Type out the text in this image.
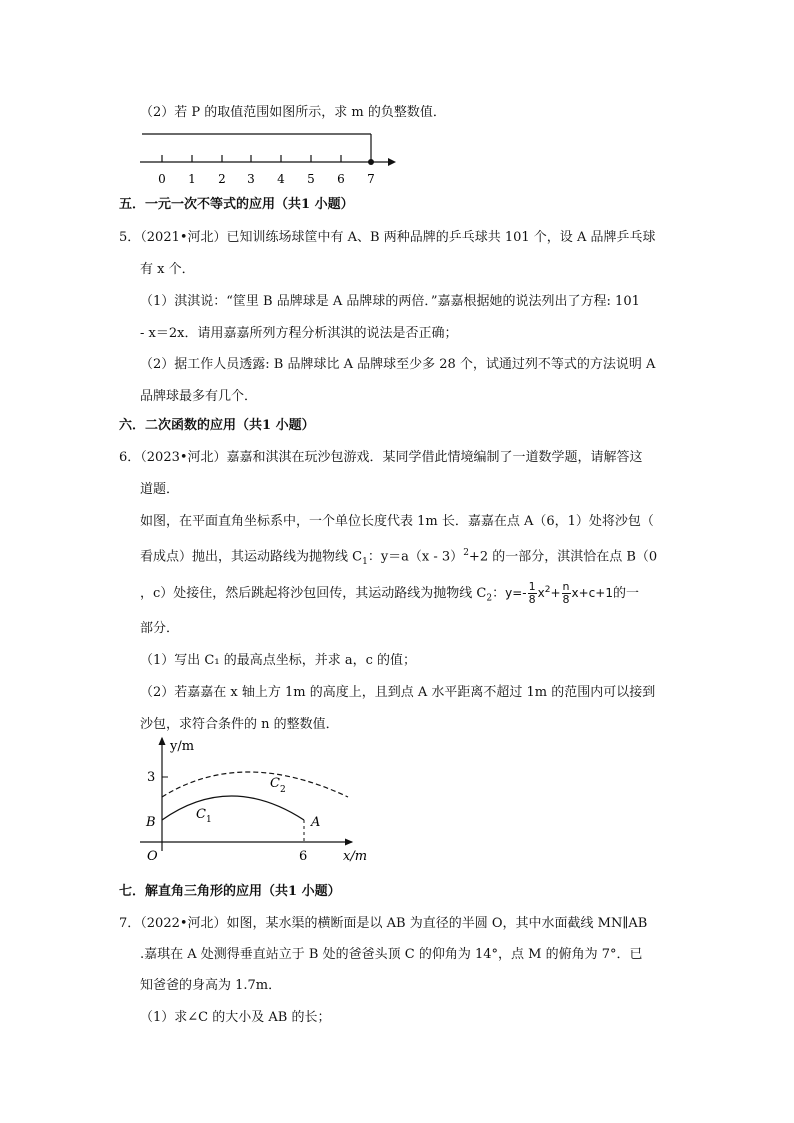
（2）若 P 的取值范围如图所示，求 m 的负整数值．
0 1 2 3 4 5 6 7
五．一元一次不等式的应用（共1 小题）
5．（2021•河北）已知训练场球筐中有 A、B 两种品牌的乒乓球共 101 个，设 A 品牌乒乓球
有 x 个．
（1）淇淇说：“筐里 B 品牌球是 A 品牌球的两倍．”嘉嘉根据她的说法列出了方程: 101
- x＝2x．请用嘉嘉所列方程分析淇淇的说法是否正确；
（2）据工作人员透露: B 品牌球比 A 品牌球至少多 28 个，试通过列不等式的方法说明 A
品牌球最多有几个．
六．二次函数的应用（共1 小题）
6．（2023•河北）嘉嘉和淇淇在玩沙包游戏．某同学借此情境编制了一道数学题，请解答这
道题．
如图，在平面直角坐标系中，一个单位长度代表 1m 长．嘉嘉在点 A（6，1）处将沙包（
看成点）抛出，其运动路线为抛物线 $C_1$：y＝a（x - 3）$^2$+2 的一部分，淇淇恰在点 B（0
，c）处接住，然后跳起将沙包回传，其运动路线为抛物线 $C_2$：$y=- \frac{1}{8} x^2+ \frac{n}{8} x+c+1$的一
部分．
（1）写出 C₁ 的最高点坐标，并求 a，c 的值；
（2）若嘉嘉在 x 轴上方 1m 的高度上，且到点 A 水平距离不超过 1m 的范围内可以接到
沙包，求符合条件的 n 的整数值．
y/m
x/m
O
3
6
B	A
C 1
C 2
七．解直角三角形的应用（共1 小题）
7．（2022•河北）如图，某水渠的横断面是以 AB 为直径的半圆 O，其中水面截线 MN∥AB
.嘉琪在 A 处测得垂直站立于 B 处的爸爸头顶 C 的仰角为 14°，点 M 的俯角为 7°．已
知爸爸的身高为 1.7m．
（1）求∠C 的大小及 AB 的长；
